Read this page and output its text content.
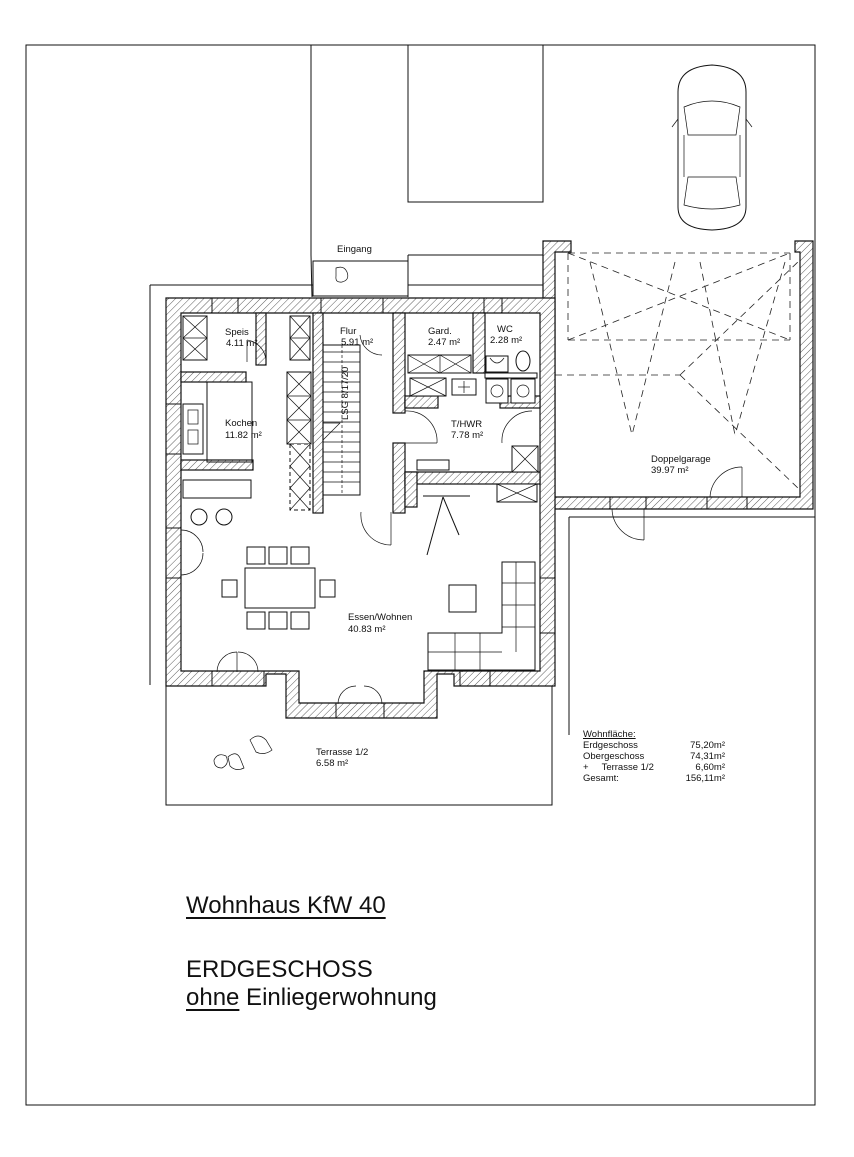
LSG 8/17/20
Eingang
Speis
4.11 m²
Flur
5.91 m²
Gard.
2.47 m²
WC
2.28 m²
Kochen
11.82 m²
T/HWR
7.78 m²
Doppelgarage
39.97 m²
Essen/Wohnen
40.83 m²
Terrasse 1/2
6.58 m²
Wohnfläche:
Erdgeschoss	75,20m²
Obergeschoss	74,31m²
+     Terrasse 1/2	6,60m²
Gesamt:	156,11m²
Wohnhaus KfW 40
ERDGESCHOSS
ohne Einliegerwohnung
